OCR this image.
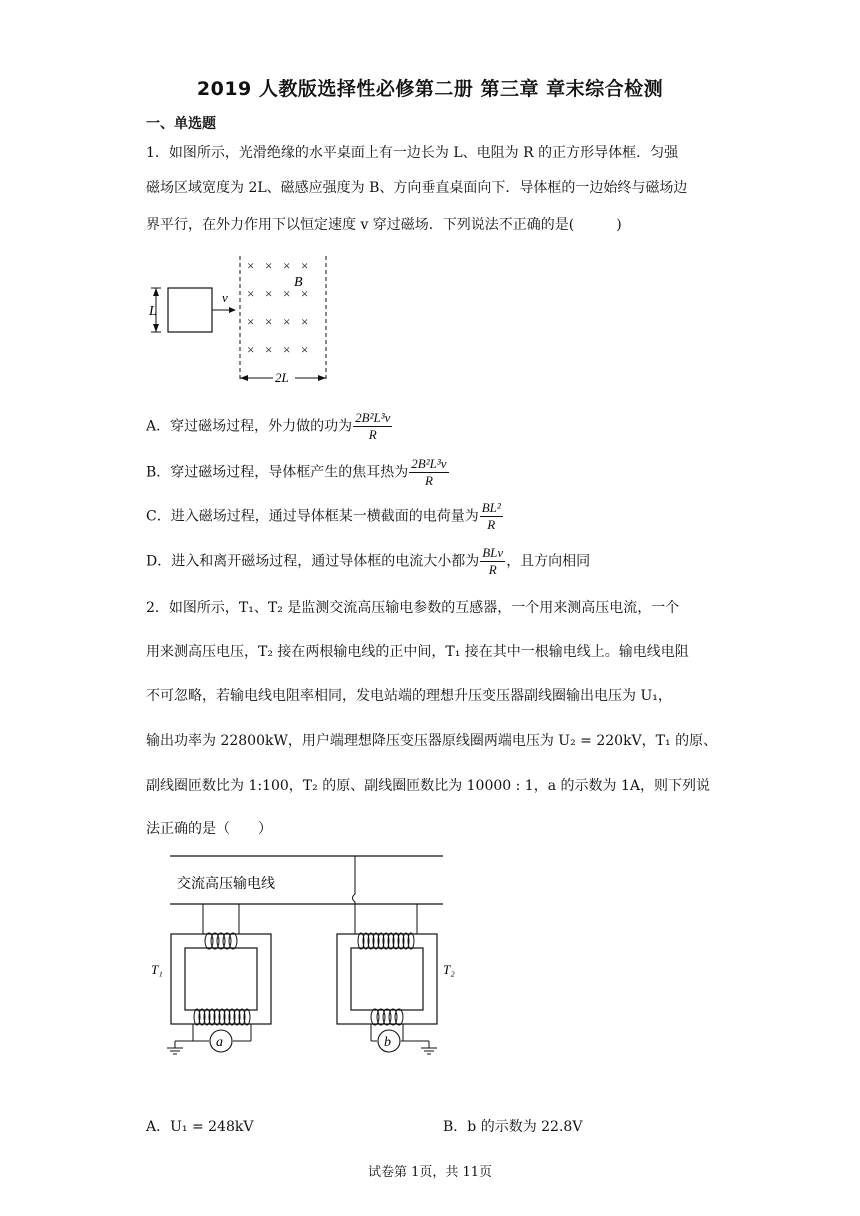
2019 人教版选择性必修第二册 第三章 章末综合检测
一、单选题
1．如图所示，光滑绝缘的水平桌面上有一边长为 L、电阻为 R 的正方形导体框．匀强
磁场区域宽度为 2L、磁感应强度为 B、方向垂直桌面向下．导体框的一边始终与磁场边
界平行，在外力作用下以恒定速度 v 穿过磁场．下列说法不正确的是(　　　)
L
v
× × × ×
× × × ×
× × × ×
× × × ×
B
2L
A．穿过磁场过程，外力做的功为 $\frac{\text{2B²L³v}}{R}$
B．穿过磁场过程，导体框产生的焦耳热为 $\frac{\text{2B²L³v}}{R}$
C．进入磁场过程，通过导体框某一横截面的电荷量为 $\frac{\text{BL²}}{R}$
D．进入和离开磁场过程，通过导体框的电流大小都为 $\frac{\text{BLv}}{R}$ ，且方向相同
2．如图所示，T₁、T₂ 是监测交流高压输电参数的互感器，一个用来测高压电流，一个
用来测高压电压，T₂ 接在两根输电线的正中间，T₁ 接在其中一根输电线上。输电线电阻
不可忽略，若输电线电阻率相同，发电站端的理想升压变压器副线圈输出电压为 U₁，
输出功率为 22800kW，用户端理想降压变压器原线圈两端电压为 U₂ = 220kV，T₁ 的原、
副线圈匝数比为 1:100，T₂ 的原、副线圈匝数比为 10000 : 1，a 的示数为 1A，则下列说
法正确的是（　　）
交流高压输电线
T₁
a
T₂
b
A．U₁ = 248kV	B．b 的示数为 22.8V
试卷第 1页，共 11页
